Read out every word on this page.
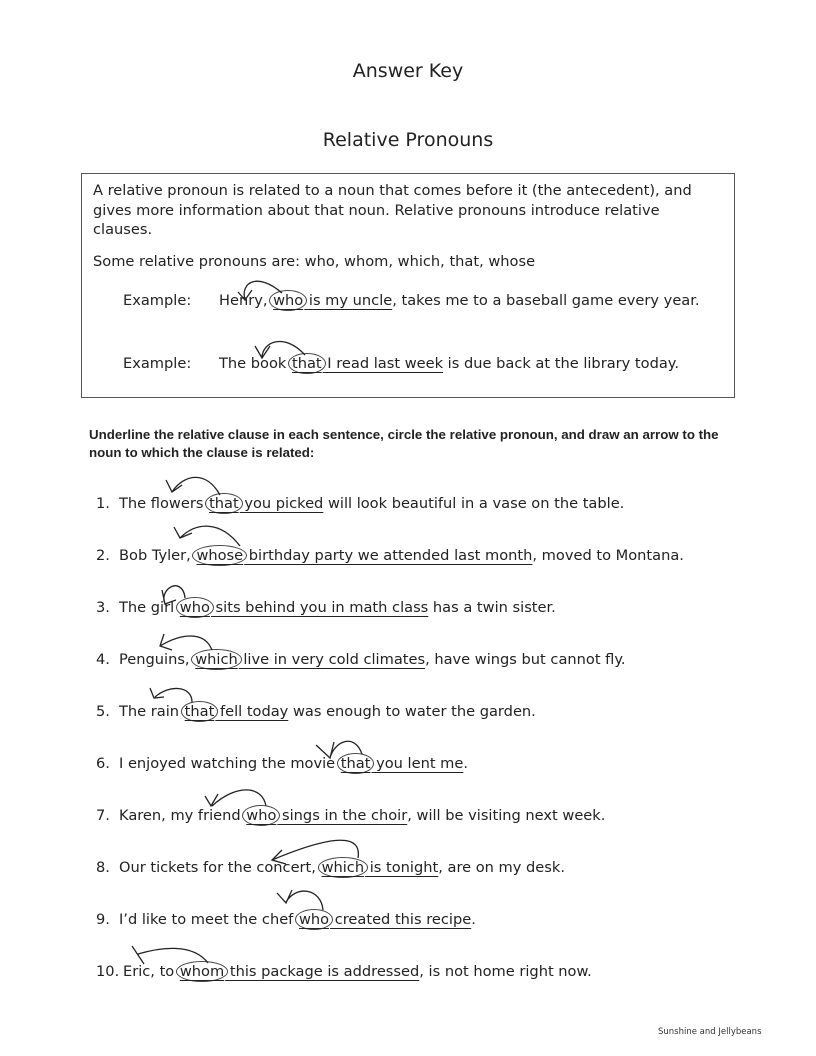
Answer Key
Relative Pronouns
A relative pronoun is related to a noun that comes before it (the antecedent), and gives more information about that noun. Relative pronouns introduce relative clauses.
Some relative pronouns are: who, whom, which, that, whose
Example: Henry, who is my uncle, takes me to a baseball game every year.
Example: The book that I read last week is due back at the library today.
Underline the relative clause in each sentence, circle the relative pronoun, and draw an arrow to the noun to which the clause is related:
1. The flowers that you picked will look beautiful in a vase on the table.
2. Bob Tyler, whose birthday party we attended last month, moved to Montana.
3. The girl who sits behind you in math class has a twin sister.
4. Penguins, which live in very cold climates, have wings but cannot fly.
5. The rain that fell today was enough to water the garden.
6. I enjoyed watching the movie that you lent me.
7. Karen, my friend who sings in the choir, will be visiting next week.
8. Our tickets for the concert, which is tonight, are on my desk.
9. I’d like to meet the chef who created this recipe.
10. Eric, to whom this package is addressed, is not home right now.
Sunshine and Jellybeans
